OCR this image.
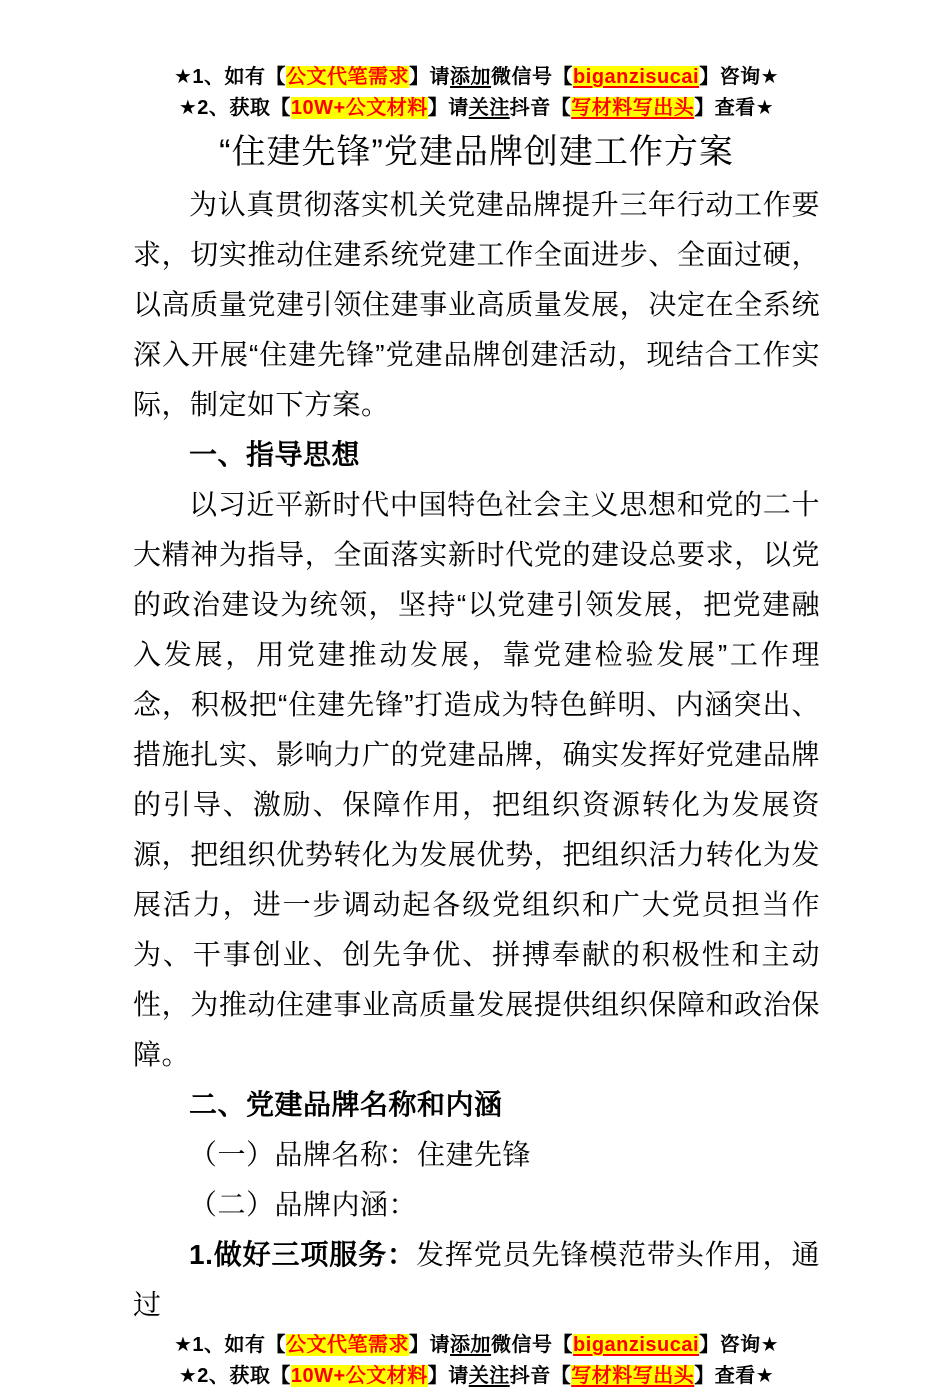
★1、如有【公文代笔需求】请添加微信号【biganzisucai】咨询★
★2、获取【10W+公文材料】请关注抖音【写材料写出头】查看★
“住建先锋”党建品牌创建工作方案

为认真贯彻落实机关党建品牌提升三年行动工作要求，切实推动住建系统党建工作全面进步、全面过硬，以高质量党建引领住建事业高质量发展，决定在全系统深入开展“住建先锋”党建品牌创建活动，现结合工作实际，制定如下方案。

一、指导思想

以习近平新时代中国特色社会主义思想和党的二十大精神为指导，全面落实新时代党的建设总要求，以党的政治建设为统领，坚持“以党建引领发展，把党建融入发展，用党建推动发展，靠党建检验发展”工作理念，积极把“住建先锋”打造成为特色鲜明、内涵突出、措施扎实、影响力广的党建品牌，确实发挥好党建品牌的引导、激励、保障作用，把组织资源转化为发展资源，把组织优势转化为发展优势，把组织活力转化为发展活力，进一步调动起各级党组织和广大党员担当作为、干事创业、创先争优、拼搏奉献的积极性和主动性，为推动住建事业高质量发展提供组织保障和政治保障。

二、党建品牌名称和内涵

（一）品牌名称：住建先锋

（二）品牌内涵：

1.做好三项服务：发挥党员先锋模范带头作用，通过

★1、如有【公文代笔需求】请添加微信号【biganzisucai】咨询★
★2、获取【10W+公文材料】请关注抖音【写材料写出头】查看★
